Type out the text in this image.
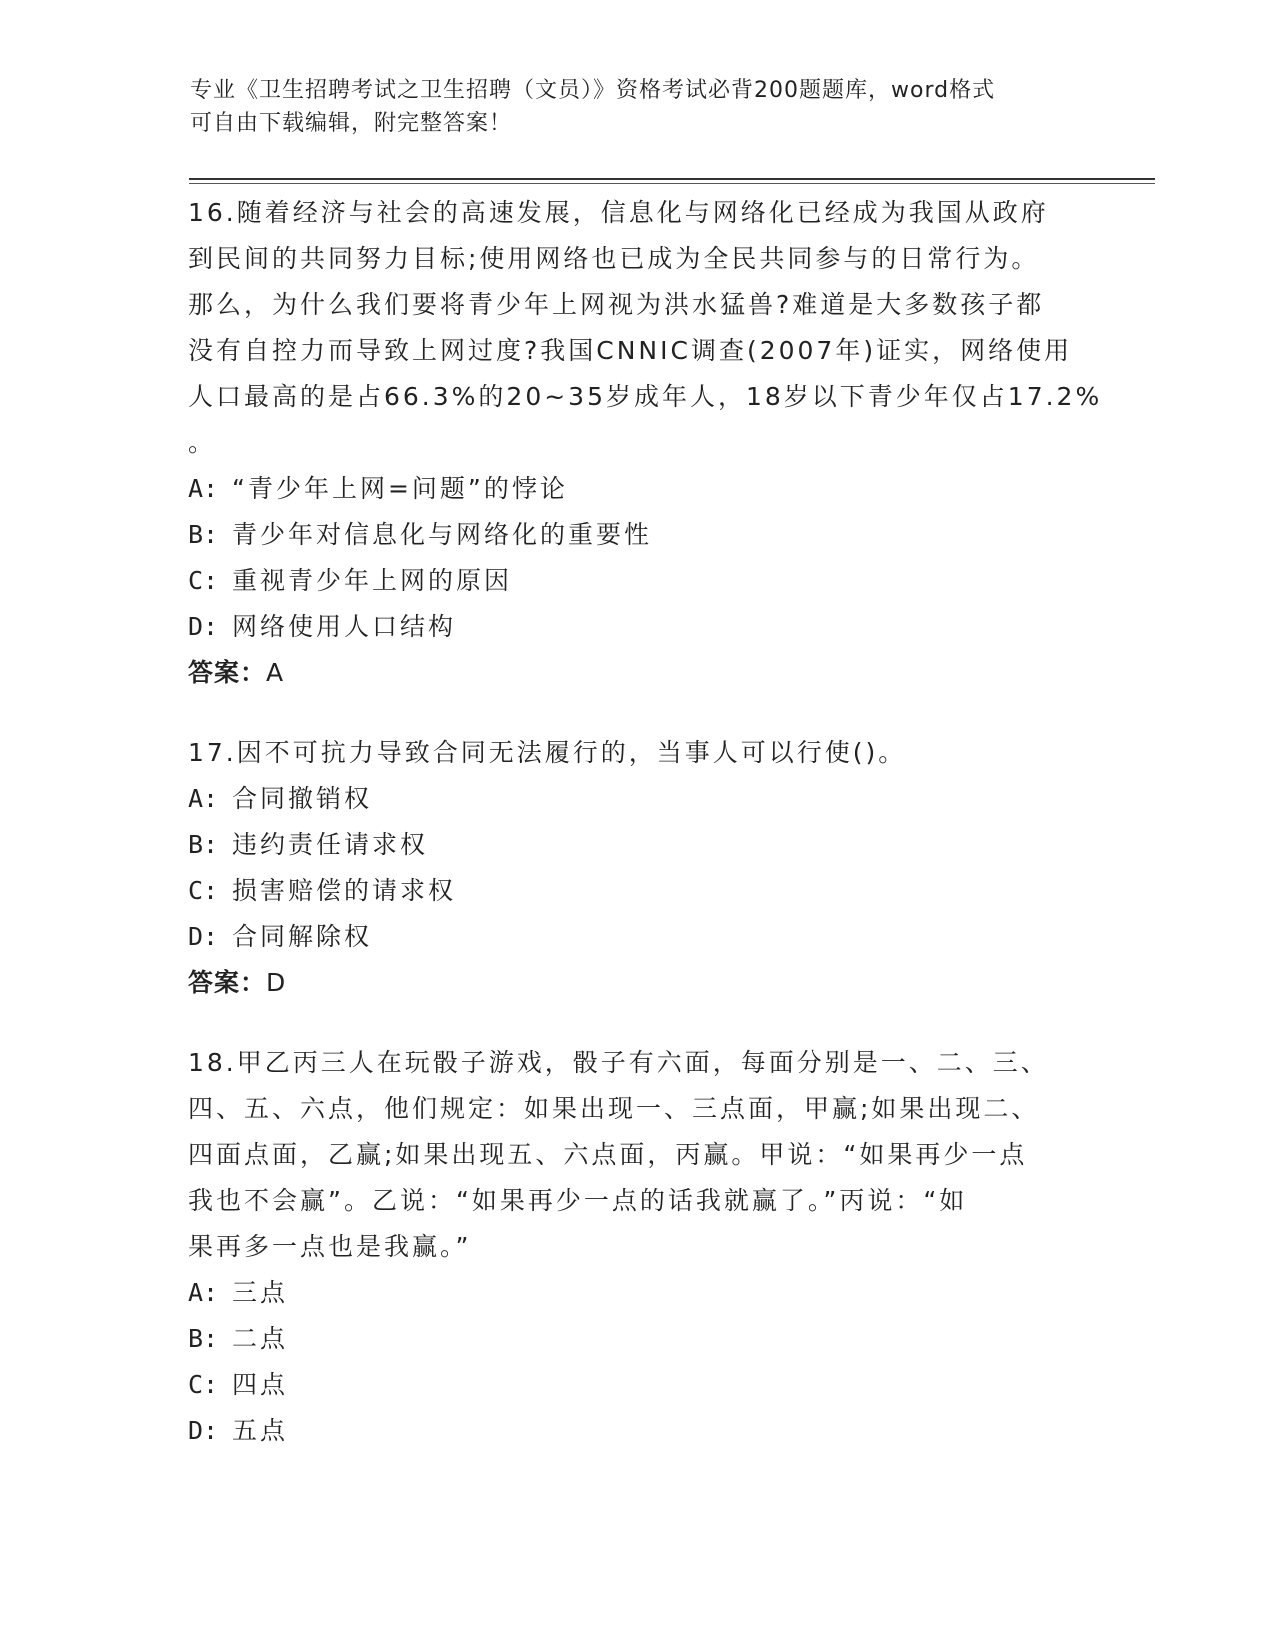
专业《卫生招聘考试之卫生招聘（文员）》资格考试必背200题题库，word格式
可自由下载编辑，附完整答案！
16.随着经济与社会的高速发展，信息化与网络化已经成为我国从政府
到民间的共同努力目标;使用网络也已成为全民共同参与的日常行为。
那么，为什么我们要将青少年上网视为洪水猛兽?难道是大多数孩子都
没有自控力而导致上网过度?我国CNNIC调查(2007年)证实，网络使用
人口最高的是占66.3%的20~35岁成年人，18岁以下青少年仅占17.2%
。
A: “青少年上网=问题”的悖论
B: 青少年对信息化与网络化的重要性
C: 重视青少年上网的原因
D: 网络使用人口结构
答案：A
17.因不可抗力导致合同无法履行的，当事人可以行使()。
A: 合同撤销权
B: 违约责任请求权
C: 损害赔偿的请求权
D: 合同解除权
答案：D
18.甲乙丙三人在玩骰子游戏，骰子有六面，每面分别是一、二、三、
四、五、六点，他们规定：如果出现一、三点面，甲赢;如果出现二、
四面点面，乙赢;如果出现五、六点面，丙赢。甲说：“如果再少一点
我也不会赢”。乙说：“如果再少一点的话我就赢了。”丙说：“如
果再多一点也是我赢。”
A: 三点
B: 二点
C: 四点
D: 五点
